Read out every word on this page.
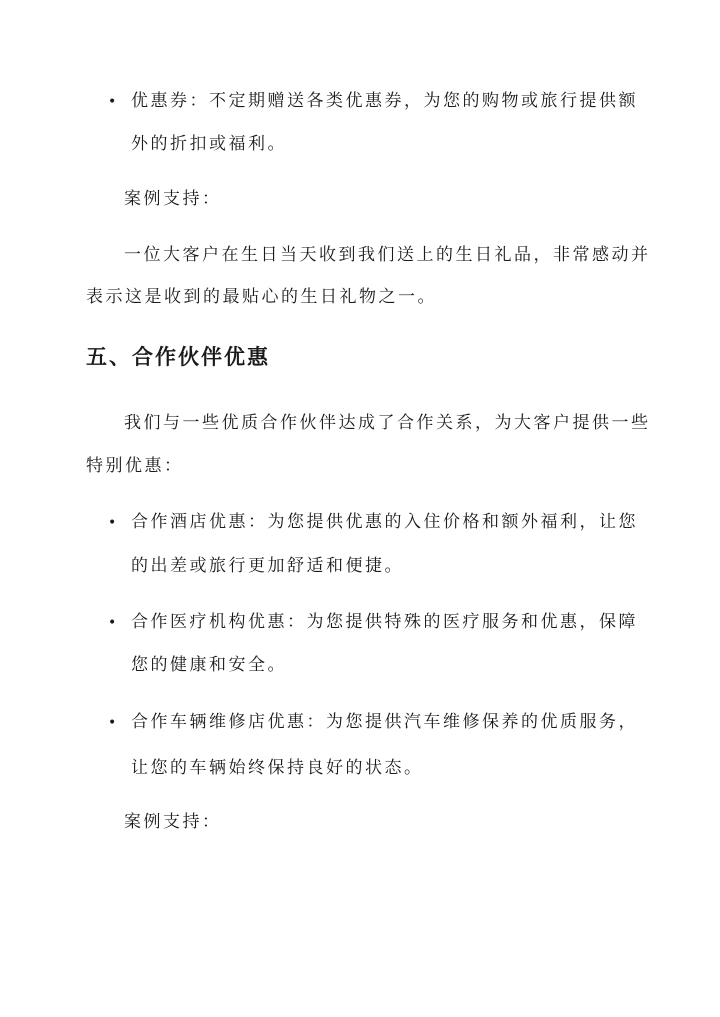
• 优惠券：不定期赠送各类优惠券，为您的购物或旅行提供额
外的折扣或福利。
案例支持：
一位大客户在生日当天收到我们送上的生日礼品，非常感动并
表示这是收到的最贴心的生日礼物之一。
五、合作伙伴优惠
我们与一些优质合作伙伴达成了合作关系，为大客户提供一些
特别优惠：
• 合作酒店优惠：为您提供优惠的入住价格和额外福利，让您
的出差或旅行更加舒适和便捷。
• 合作医疗机构优惠：为您提供特殊的医疗服务和优惠，保障
您的健康和安全。
• 合作车辆维修店优惠：为您提供汽车维修保养的优质服务，
让您的车辆始终保持良好的状态。
案例支持：
